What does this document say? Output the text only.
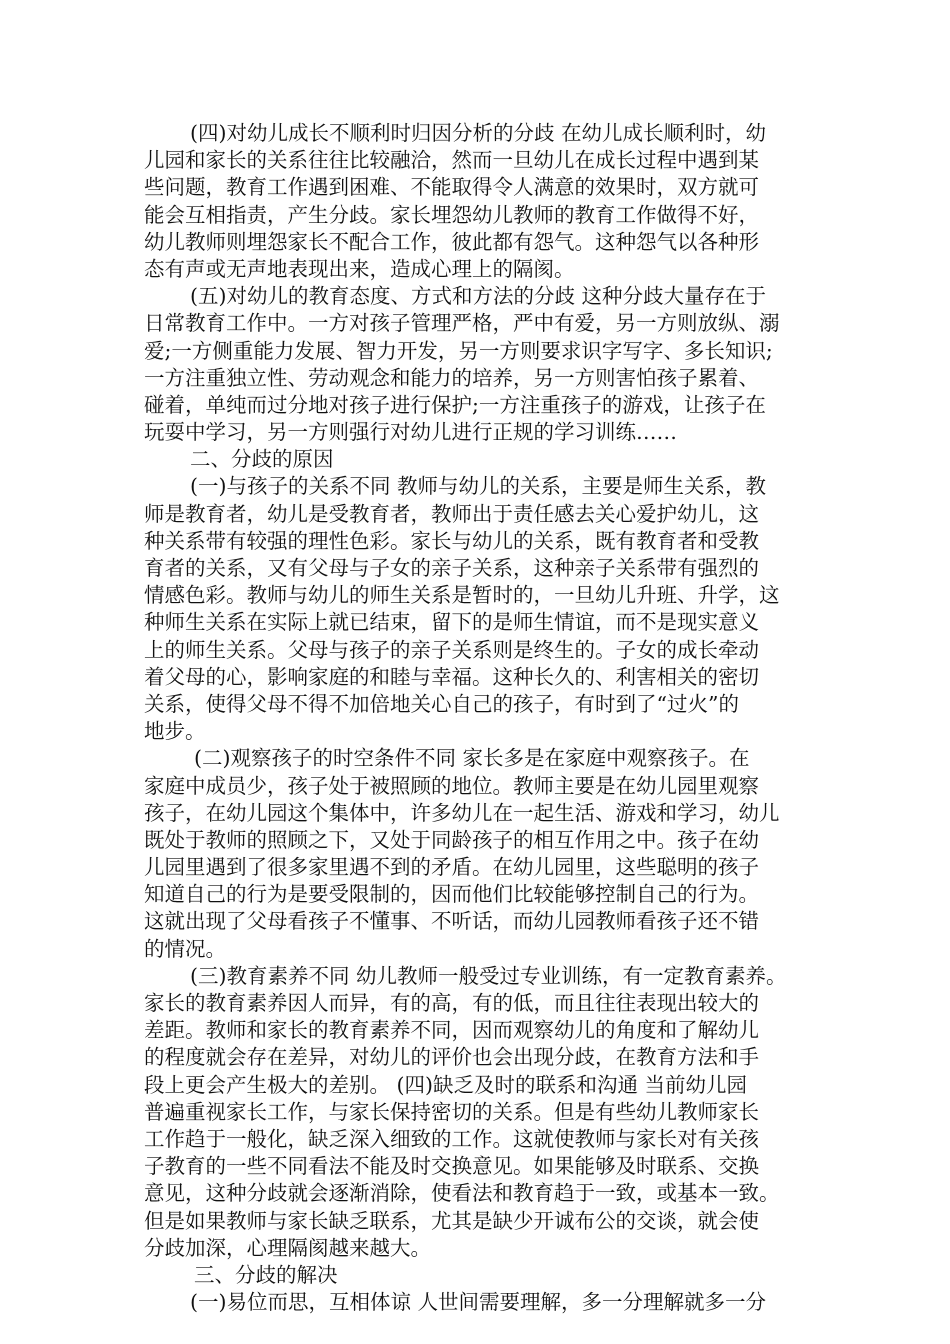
(四)对幼儿成长不顺利时归因分析的分歧 在幼儿成长顺利时，幼
儿园和家长的关系往往比较融洽，然而一旦幼儿在成长过程中遇到某
些问题，教育工作遇到困难、不能取得令人满意的效果时，双方就可
能会互相指责，产生分歧。家长埋怨幼儿教师的教育工作做得不好，
幼儿教师则埋怨家长不配合工作，彼此都有怨气。这种怨气以各种形
态有声或无声地表现出来，造成心理上的隔阂。
(五)对幼儿的教育态度、方式和方法的分歧 这种分歧大量存在于
日常教育工作中。一方对孩子管理严格，严中有爱，另一方则放纵、溺
爱;一方侧重能力发展、智力开发，另一方则要求识字写字、多长知识;
一方注重独立性、劳动观念和能力的培养，另一方则害怕孩子累着、
碰着，单纯而过分地对孩子进行保护;一方注重孩子的游戏，让孩子在
玩耍中学习，另一方则强行对幼儿进行正规的学习训练……
二、分歧的原因
(一)与孩子的关系不同 教师与幼儿的关系，主要是师生关系，教
师是教育者，幼儿是受教育者，教师出于责任感去关心爱护幼儿，这
种关系带有较强的理性色彩。家长与幼儿的关系，既有教育者和受教
育者的关系，又有父母与子女的亲子关系，这种亲子关系带有强烈的
情感色彩。教师与幼儿的师生关系是暂时的，一旦幼儿升班、升学，这
种师生关系在实际上就已结束，留下的是师生情谊，而不是现实意义
上的师生关系。父母与孩子的亲子关系则是终生的。子女的成长牵动
着父母的心，影响家庭的和睦与幸福。这种长久的、利害相关的密切
关系，使得父母不得不加倍地关心自己的孩子，有时到了“过火”的
地步。
(二)观察孩子的时空条件不同 家长多是在家庭中观察孩子。在
家庭中成员少，孩子处于被照顾的地位。教师主要是在幼儿园里观察
孩子，在幼儿园这个集体中，许多幼儿在一起生活、游戏和学习，幼儿
既处于教师的照顾之下，又处于同龄孩子的相互作用之中。孩子在幼
儿园里遇到了很多家里遇不到的矛盾。在幼儿园里，这些聪明的孩子
知道自己的行为是要受限制的，因而他们比较能够控制自己的行为。
这就出现了父母看孩子不懂事、不听话，而幼儿园教师看孩子还不错
的情况。
(三)教育素养不同 幼儿教师一般受过专业训练，有一定教育素养。
家长的教育素养因人而异，有的高，有的低，而且往往表现出较大的
差距。教师和家长的教育素养不同，因而观察幼儿的角度和了解幼儿
的程度就会存在差异，对幼儿的评价也会出现分歧，在教育方法和手
段上更会产生极大的差别。 (四)缺乏及时的联系和沟通 当前幼儿园
普遍重视家长工作，与家长保持密切的关系。但是有些幼儿教师家长
工作趋于一般化，缺乏深入细致的工作。这就使教师与家长对有关孩
子教育的一些不同看法不能及时交换意见。如果能够及时联系、交换
意见，这种分歧就会逐渐消除，使看法和教育趋于一致，或基本一致。
但是如果教师与家长缺乏联系，尤其是缺少开诚布公的交谈，就会使
分歧加深，心理隔阂越来越大。
三、分歧的解决
(一)易位而思，互相体谅 人世间需要理解，多一分理解就多一分
